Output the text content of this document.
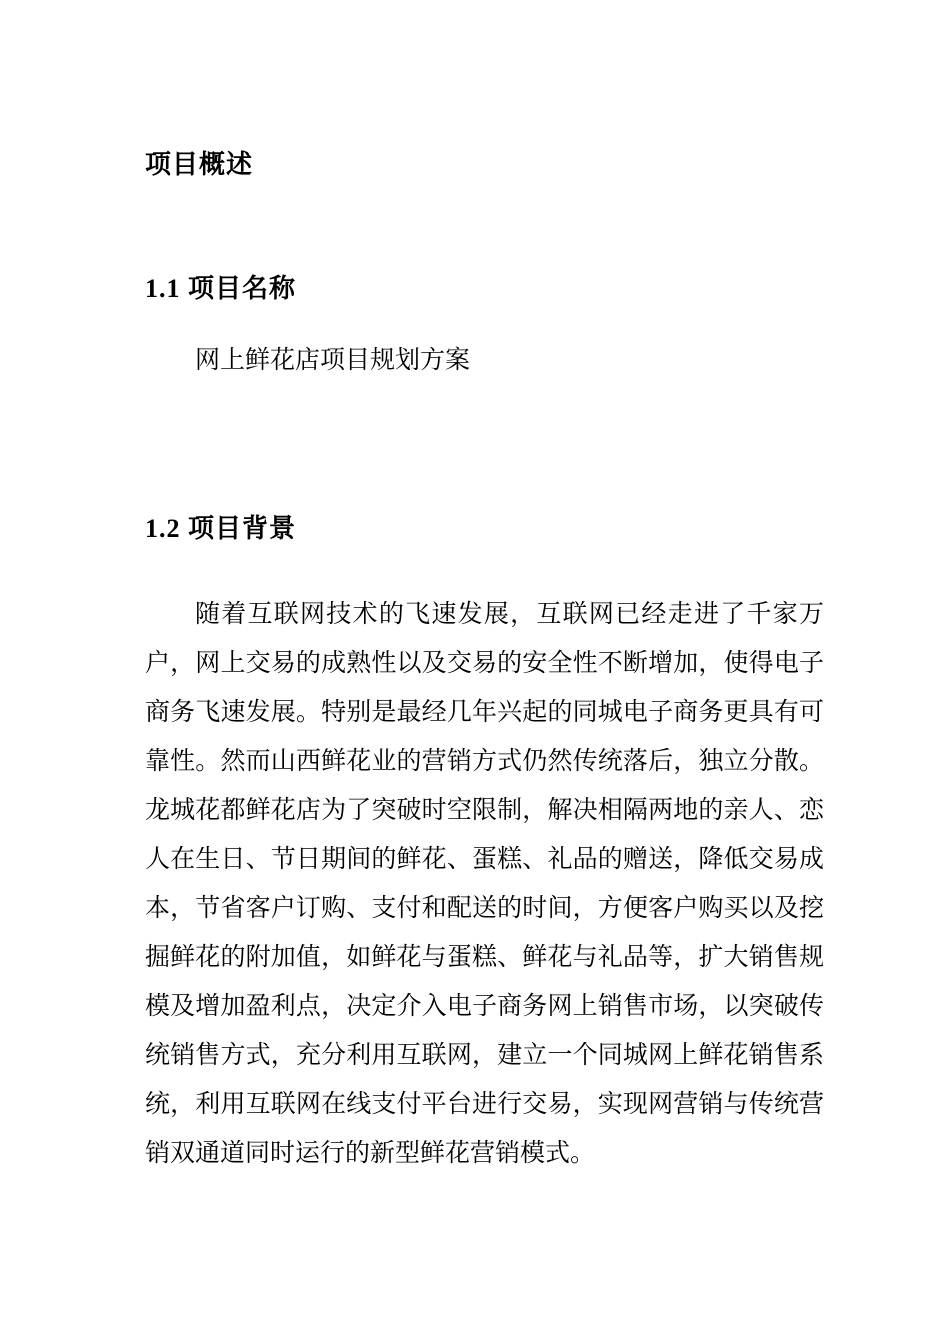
项目概述
1.1 项目名称

网上鲜花店项目规划方案

1.2 项目背景

随着互联网技术的飞速发展，互联网已经走进了千家万户，网上交易的成熟性以及交易的安全性不断增加，使得电子商务飞速发展。特别是最经几年兴起的同城电子商务更具有可靠性。然而山西鲜花业的营销方式仍然传统落后，独立分散。龙城花都鲜花店为了突破时空限制，解决相隔两地的亲人、恋人在生日、节日期间的鲜花、蛋糕、礼品的赠送，降低交易成本，节省客户订购、支付和配送的时间，方便客户购买以及挖掘鲜花的附加值，如鲜花与蛋糕、鲜花与礼品等，扩大销售规模及增加盈利点，决定介入电子商务网上销售市场，以突破传统销售方式，充分利用互联网，建立一个同城网上鲜花销售系统，利用互联网在线支付平台进行交易，实现网营销与传统营销双通道同时运行的新型鲜花营销模式。
